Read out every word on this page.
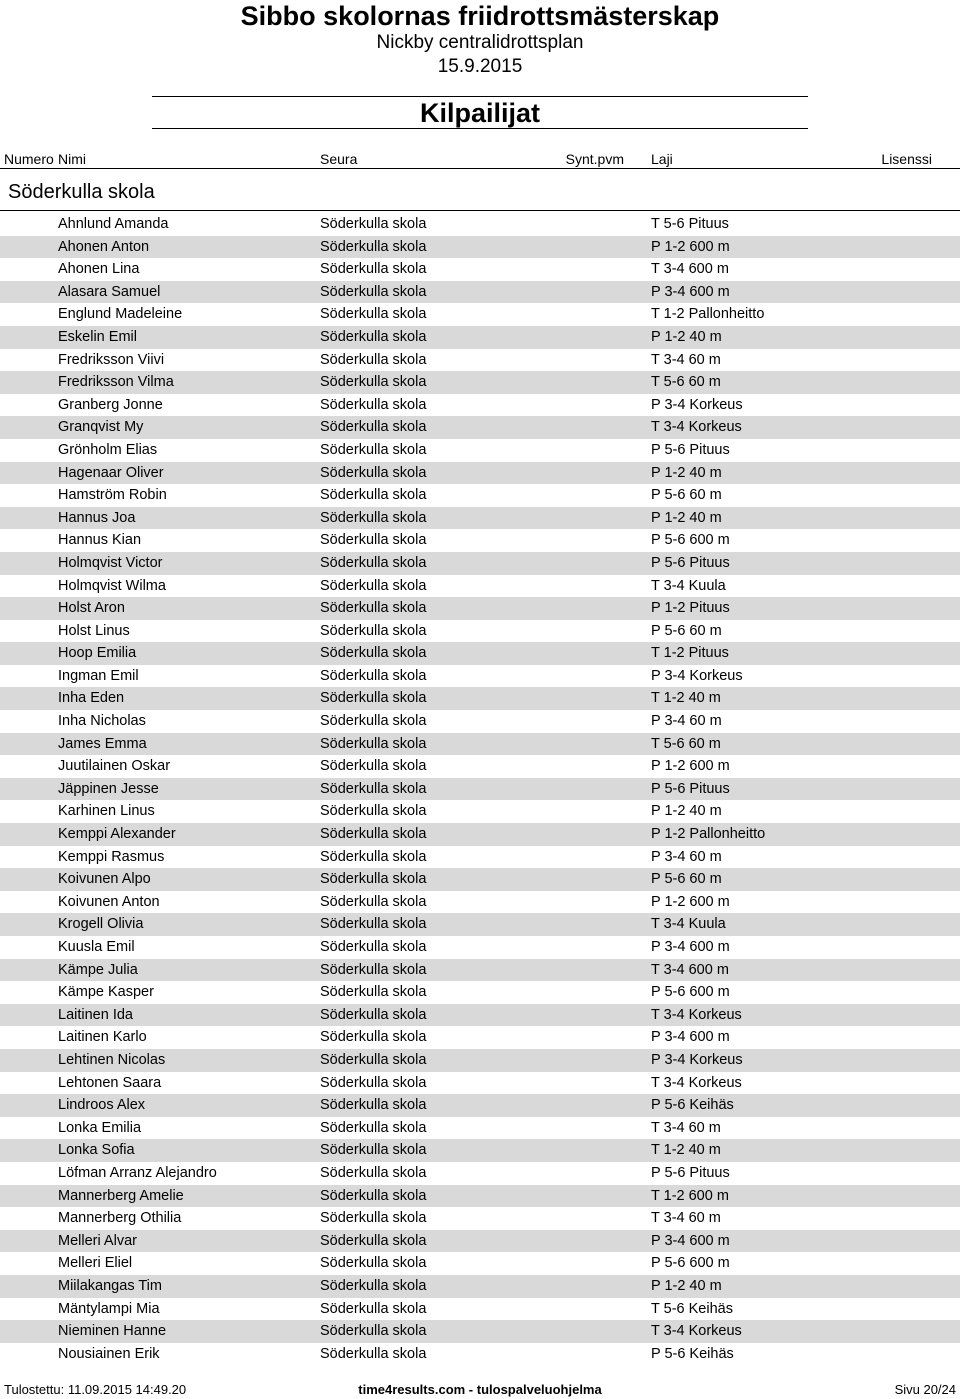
Sibbo skolornas friidrottsmästerskap
Nickby centralidrottsplan
15.9.2015
Kilpailijat
Numero Nimi	Seura	Synt.pvm Laji	Lisenssi
Söderkulla skola
Ahnlund Amanda	Söderkulla skola	T 5-6 Pituus
Ahonen Anton	Söderkulla skola	P 1-2 600 m
Ahonen Lina	Söderkulla skola	T 3-4 600 m
Alasara Samuel	Söderkulla skola	P 3-4 600 m
Englund Madeleine	Söderkulla skola	T 1-2 Pallonheitto
Eskelin Emil	Söderkulla skola	P 1-2 40 m
Fredriksson Viivi	Söderkulla skola	T 3-4 60 m
Fredriksson Vilma	Söderkulla skola	T 5-6 60 m
Granberg Jonne	Söderkulla skola	P 3-4 Korkeus
Granqvist My	Söderkulla skola	T 3-4 Korkeus
Grönholm Elias	Söderkulla skola	P 5-6 Pituus
Hagenaar Oliver	Söderkulla skola	P 1-2 40 m
Hamström Robin	Söderkulla skola	P 5-6 60 m
Hannus Joa	Söderkulla skola	P 1-2 40 m
Hannus Kian	Söderkulla skola	P 5-6 600 m
Holmqvist Victor	Söderkulla skola	P 5-6 Pituus
Holmqvist Wilma	Söderkulla skola	T 3-4 Kuula
Holst Aron	Söderkulla skola	P 1-2 Pituus
Holst Linus	Söderkulla skola	P 5-6 60 m
Hoop Emilia	Söderkulla skola	T 1-2 Pituus
Ingman Emil	Söderkulla skola	P 3-4 Korkeus
Inha Eden	Söderkulla skola	T 1-2 40 m
Inha Nicholas	Söderkulla skola	P 3-4 60 m
James Emma	Söderkulla skola	T 5-6 60 m
Juutilainen Oskar	Söderkulla skola	P 1-2 600 m
Jäppinen Jesse	Söderkulla skola	P 5-6 Pituus
Karhinen Linus	Söderkulla skola	P 1-2 40 m
Kemppi Alexander	Söderkulla skola	P 1-2 Pallonheitto
Kemppi Rasmus	Söderkulla skola	P 3-4 60 m
Koivunen Alpo	Söderkulla skola	P 5-6 60 m
Koivunen Anton	Söderkulla skola	P 1-2 600 m
Krogell Olivia	Söderkulla skola	T 3-4 Kuula
Kuusla Emil	Söderkulla skola	P 3-4 600 m
Kämpe Julia	Söderkulla skola	T 3-4 600 m
Kämpe Kasper	Söderkulla skola	P 5-6 600 m
Laitinen Ida	Söderkulla skola	T 3-4 Korkeus
Laitinen Karlo	Söderkulla skola	P 3-4 600 m
Lehtinen Nicolas	Söderkulla skola	P 3-4 Korkeus
Lehtonen Saara	Söderkulla skola	T 3-4 Korkeus
Lindroos Alex	Söderkulla skola	P 5-6 Keihäs
Lonka Emilia	Söderkulla skola	T 3-4 60 m
Lonka Sofia	Söderkulla skola	T 1-2 40 m
Löfman Arranz Alejandro	Söderkulla skola	P 5-6 Pituus
Mannerberg Amelie	Söderkulla skola	T 1-2 600 m
Mannerberg Othilia	Söderkulla skola	T 3-4 60 m
Melleri Alvar	Söderkulla skola	P 3-4 600 m
Melleri Eliel	Söderkulla skola	P 5-6 600 m
Miilakangas Tim	Söderkulla skola	P 1-2 40 m
Mäntylampi Mia	Söderkulla skola	T 5-6 Keihäs
Nieminen Hanne	Söderkulla skola	T 3-4 Korkeus
Nousiainen Erik	Söderkulla skola	P 5-6 Keihäs
Tulostettu: 11.09.2015 14:49.20	time4results.com - tulospalveluohjelma	Sivu 20/24
